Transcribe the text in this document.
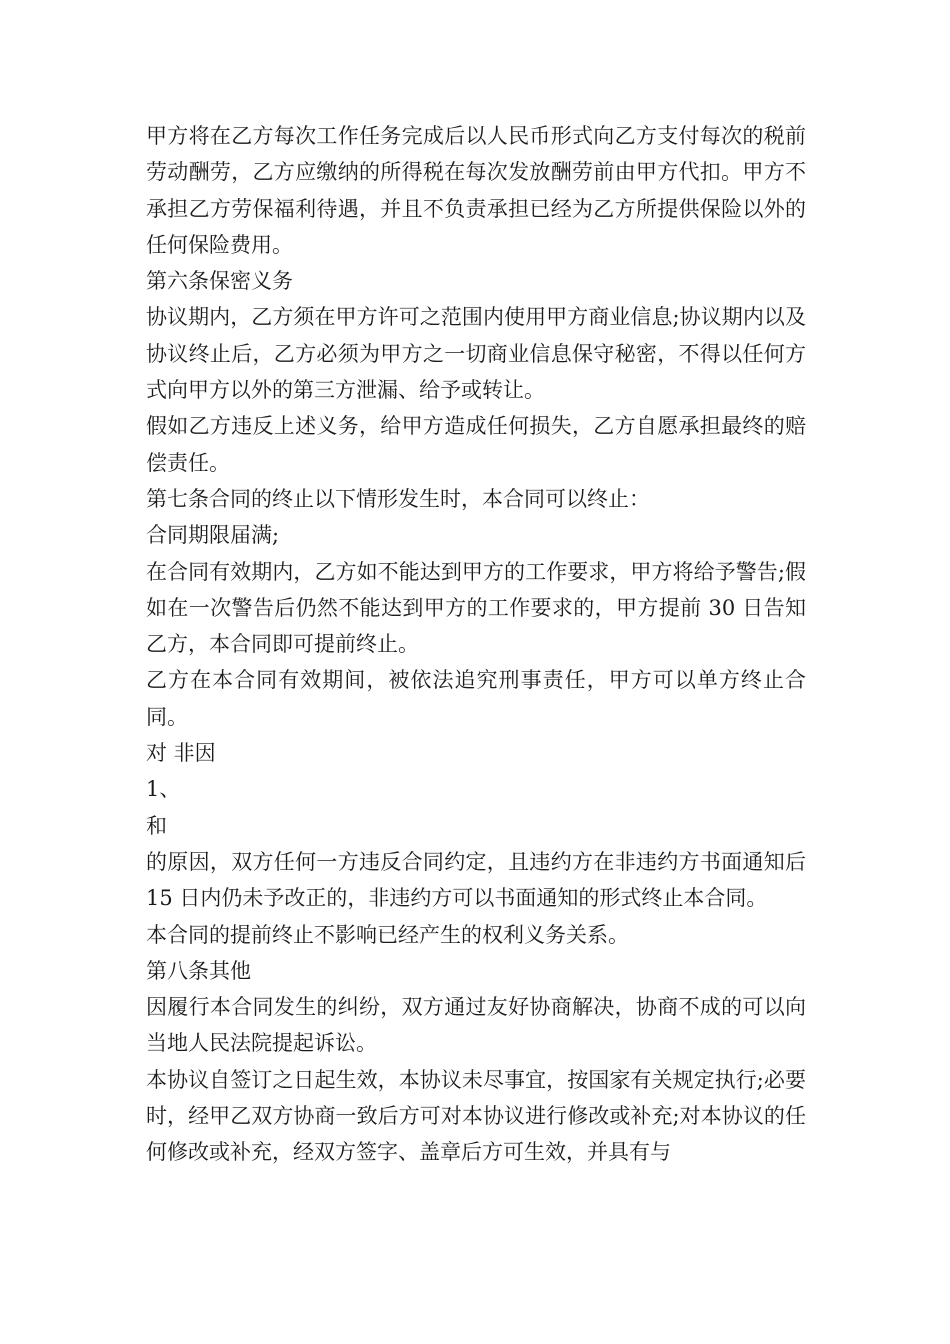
甲方将在乙方每次工作任务完成后以人民币形式向乙方支付每次的税前劳动酬劳，乙方应缴纳的所得税在每次发放酬劳前由甲方代扣。甲方不承担乙方劳保福利待遇，并且不负责承担已经为乙方所提供保险以外的任何保险费用。

第六条保密义务

协议期内，乙方须在甲方许可之范围内使用甲方商业信息;协议期内以及协议终止后，乙方必须为甲方之一切商业信息保守秘密，不得以任何方式向甲方以外的第三方泄漏、给予或转让。

假如乙方违反上述义务，给甲方造成任何损失，乙方自愿承担最终的赔偿责任。

第七条合同的终止以下情形发生时，本合同可以终止：

合同期限届满;

在合同有效期内，乙方如不能达到甲方的工作要求，甲方将给予警告;假如在一次警告后仍然不能达到甲方的工作要求的，甲方提前 30 日告知乙方，本合同即可提前终止。

乙方在本合同有效期间，被依法追究刑事责任，甲方可以单方终止合同。

对 非因

1、

和

的原因，双方任何一方违反合同约定，且违约方在非违约方书面通知后 15 日内仍未予改正的，非违约方可以书面通知的形式终止本合同。

本合同的提前终止不影响已经产生的权利义务关系。

第八条其他

因履行本合同发生的纠纷，双方通过友好协商解决，协商不成的可以向当地人民法院提起诉讼。

本协议自签订之日起生效，本协议未尽事宜，按国家有关规定执行;必要时，经甲乙双方协商一致后方可对本协议进行修改或补充;对本协议的任何修改或补充，经双方签字、盖章后方可生效，并具有与
